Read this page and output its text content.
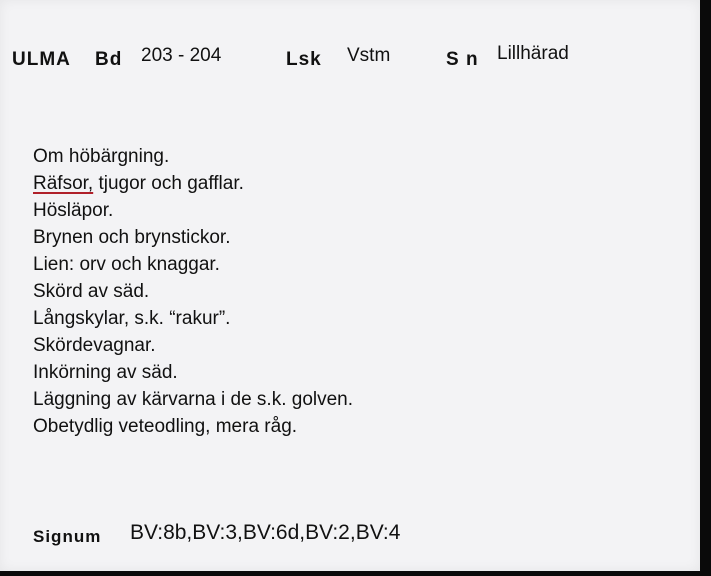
ULMA Bd 203 - 204	Lsk Vstm	S n Lillhärad
Om höbärgning.
Räfsor, tjugor och gafflar.
Hösläpor.
Brynen och brynstickor.
Lien: orv och knaggar.
Skörd av säd.
Långskylar, s.k. “rakur”.
Skördevagnar.
Inkörning av säd.
Läggning av kärvarna i de s.k. golven.
Obetydlig veteodling, mera råg.
Signum BV:8b,BV:3,BV:6d,BV:2,BV:4
